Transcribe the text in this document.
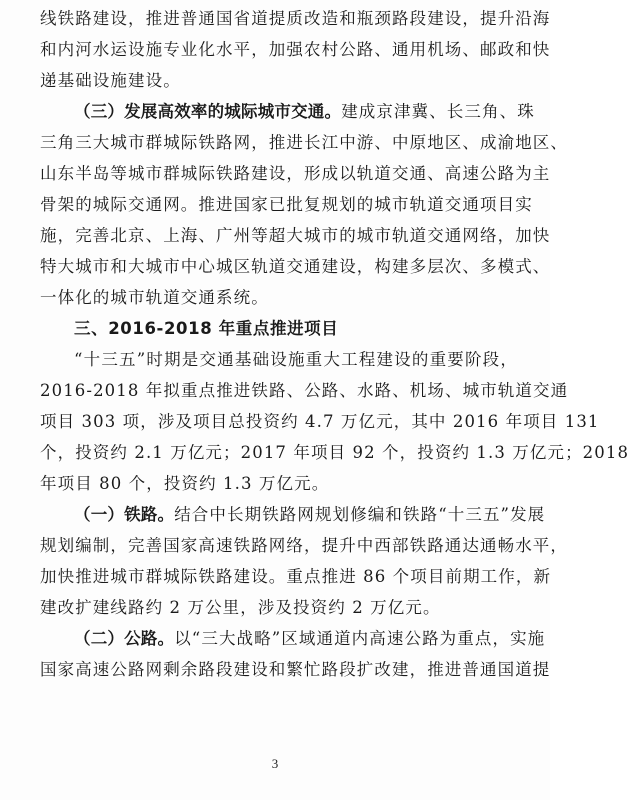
线铁路建设，推进普通国省道提质改造和瓶颈路段建设，提升沿海
和内河水运设施专业化水平，加强农村公路、通用机场、邮政和快
递基础设施建设。
（三）发展高效率的城际城市交通。建成京津冀、长三角、珠
三角三大城市群城际铁路网，推进长江中游、中原地区、成渝地区、
山东半岛等城市群城际铁路建设，形成以轨道交通、高速公路为主
骨架的城际交通网。推进国家已批复规划的城市轨道交通项目实
施，完善北京、上海、广州等超大城市的城市轨道交通网络，加快
特大城市和大城市中心城区轨道交通建设，构建多层次、多模式、
一体化的城市轨道交通系统。
三、2016-2018 年重点推进项目
“十三五”时期是交通基础设施重大工程建设的重要阶段，
2016-2018 年拟重点推进铁路、公路、水路、机场、城市轨道交通
项目 303 项，涉及项目总投资约 4.7 万亿元，其中 2016 年项目 131
个，投资约 2.1 万亿元；2017 年项目 92 个，投资约 1.3 万亿元；2018
年项目 80 个，投资约 1.3 万亿元。
（一）铁路。结合中长期铁路网规划修编和铁路“十三五”发展
规划编制，完善国家高速铁路网络，提升中西部铁路通达通畅水平，
加快推进城市群城际铁路建设。重点推进 86 个项目前期工作，新
建改扩建线路约 2 万公里，涉及投资约 2 万亿元。
（二）公路。以“三大战略”区域通道内高速公路为重点，实施
国家高速公路网剩余路段建设和繁忙路段扩改建，推进普通国道提
3
